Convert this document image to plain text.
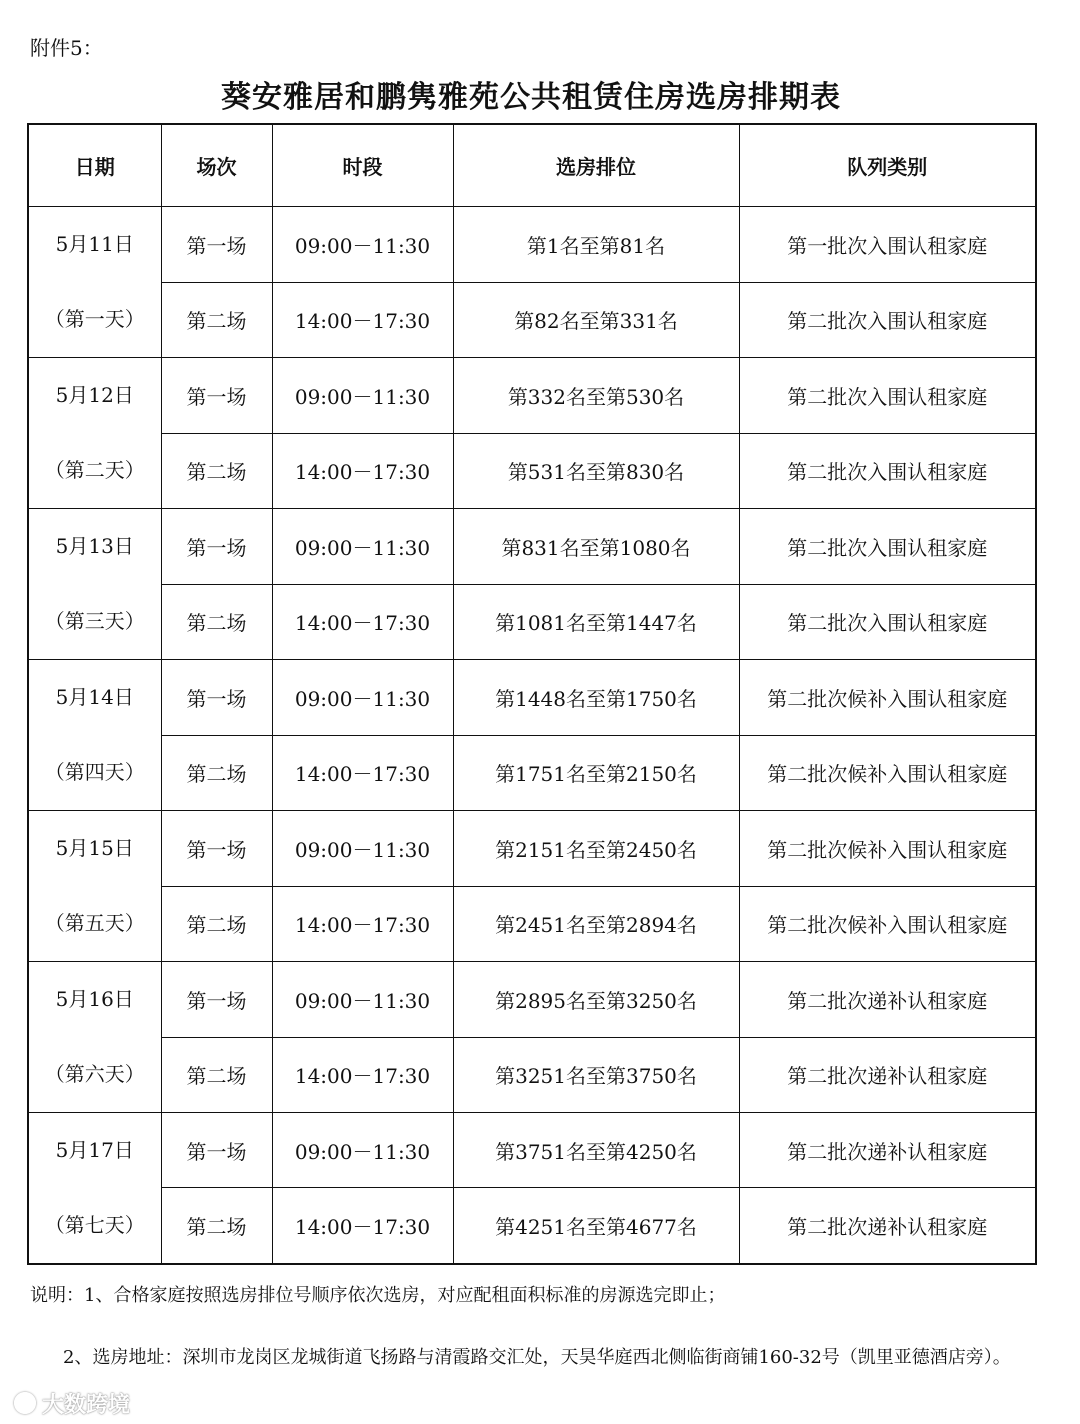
附件5：
葵安雅居和鹏隽雅苑公共租赁住房选房排期表
日期	场次	时段	选房排位	队列类别

5月11日
（第一天）	第一场	09:00－11:30	第1名至第81名	第一批次入围认租家庭
	第二场	14:00－17:30	第82名至第331名	第二批次入围认租家庭

5月12日
（第二天）	第一场	09:00－11:30	第332名至第530名	第二批次入围认租家庭
	第二场	14:00－17:30	第531名至第830名	第二批次入围认租家庭

5月13日
（第三天）	第一场	09:00－11:30	第831名至第1080名	第二批次入围认租家庭
	第二场	14:00－17:30	第1081名至第1447名	第二批次入围认租家庭

5月14日
（第四天）	第一场	09:00－11:30	第1448名至第1750名	第二批次候补入围认租家庭
	第二场	14:00－17:30	第1751名至第2150名	第二批次候补入围认租家庭

5月15日
（第五天）	第一场	09:00－11:30	第2151名至第2450名	第二批次候补入围认租家庭
	第二场	14:00－17:30	第2451名至第2894名	第二批次候补入围认租家庭

5月16日
（第六天）	第一场	09:00－11:30	第2895名至第3250名	第二批次递补认租家庭
	第二场	14:00－17:30	第3251名至第3750名	第二批次递补认租家庭

5月17日
（第七天）	第一场	09:00－11:30	第3751名至第4250名	第二批次递补认租家庭
	第二场	14:00－17:30	第4251名至第4677名	第二批次递补认租家庭
说明：1、合格家庭按照选房排位号顺序依次选房，对应配租面积标准的房源选完即止；
2、选房地址：深圳市龙岗区龙城街道飞扬路与清霞路交汇处，天昊华庭西北侧临街商铺160-32号（凯里亚德酒店旁）。
大数跨境
